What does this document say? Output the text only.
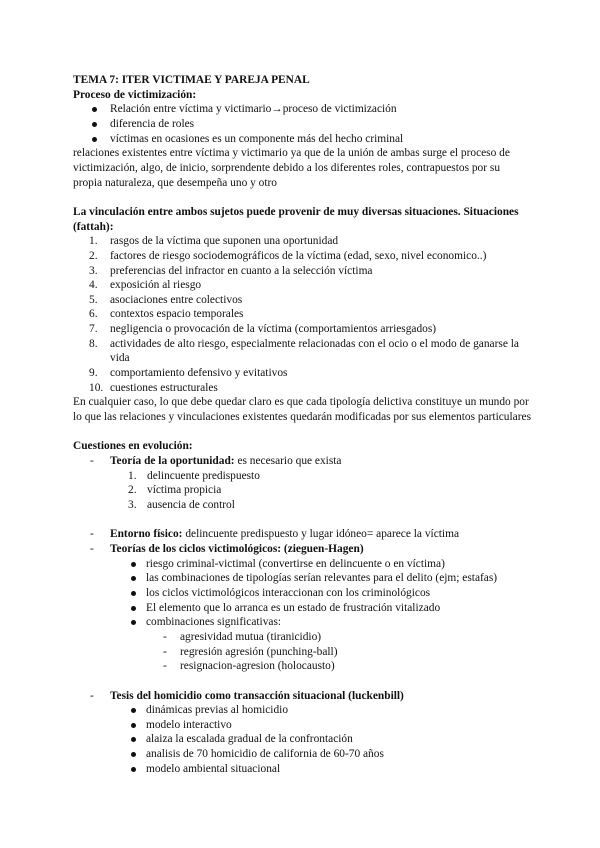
TEMA 7: ITER VICTIMAE Y PAREJA PENAL
Proceso de victimización:
Relación entre víctima y victimario→proceso de victimización
diferencia de roles
víctimas en ocasiones es un componente más del hecho criminal
relaciones existentes entre víctima y victimario ya que de la unión de ambas surge el proceso de victimización, algo, de inicio, sorprendente debido a los diferentes roles, contrapuestos por su propia naturaleza, que desempeña uno y otro
La vinculación entre ambos sujetos puede provenir de muy diversas situaciones. Situaciones (fattah):
1. rasgos de la víctima que suponen una oportunidad
2. factores de riesgo sociodemográficos de la víctima (edad, sexo, nivel economico..)
3. preferencias del infractor en cuanto a la selección víctima
4. exposición al riesgo
5. asociaciones entre colectivos
6. contextos espacio temporales
7. negligencia o provocación de la víctima (comportamientos arriesgados)
8. actividades de alto riesgo, especialmente relacionadas con el ocio o el modo de ganarse la vida
9. comportamiento defensivo y evitativos
10. cuestiones estructurales
En cualquier caso, lo que debe quedar claro es que cada tipología delictiva constituye un mundo por lo que las relaciones y vinculaciones existentes quedarán modificadas por sus elementos particulares
Cuestiones en evolución:
- Teoría de la oportunidad: es necesario que exista
1. delincuente predispuesto
2. víctima propicia
3. ausencia de control
- Entorno físico: delincuente predispuesto y lugar idóneo= aparece la víctima
- Teorías de los ciclos victimológicos: (zieguen-Hagen)
riesgo criminal-victimal (convertirse en delincuente o en víctima)
las combinaciones de tipologías serían relevantes para el delito (ejm; estafas)
los ciclos victimológicos interaccionan con los criminológicos
El elemento que lo arranca es un estado de frustración vitalizado
combinaciones significativas:
- agresividad mutua (tiranicidio)
- regresión agresión (punching-ball)
- resignacion-agresion (holocausto)
- Tesis del homicidio como transacción situacional (luckenbill)
dinámicas previas al homicidio
modelo interactivo
alaiza la escalada gradual de la confrontación
analisis de 70 homicidio de california de 60-70 años
modelo ambiental situacional
